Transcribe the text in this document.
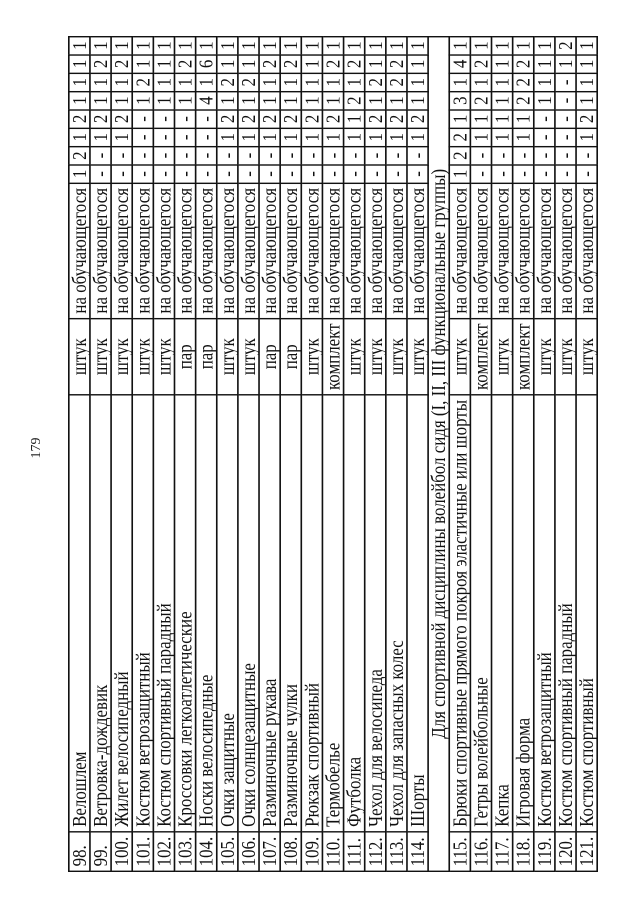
179
98.	Велошлем	штук	на обучающегося	1	2	1	2	1	1	1	1
99.	Ветровка-дождевик	штук	на обучающегося	-	-	1	2	1	1	2	1
100.	Жилет велосипедный	штук	на обучающегося	-	-	1	2	1	1	2	1
101.	Костюм ветрозащитный	штук	на обучающегося	-	-	-	-	1	2	1	1
102.	Костюм спортивный парадный	штук	на обучающегося	-	-	-	-	1	1	1	1
103.	Кроссовки легкоатлетические	пар	на обучающегося	-	-	-	-	1	1	2	1
104.	Носки велосипедные	пар	на обучающегося	-	-	-	-	4	1	6	1
105.	Очки защитные	штук	на обучающегося	-	-	1	2	1	2	1	1
106.	Очки солнцезащитные	штук	на обучающегося	-	-	1	2	1	2	1	1
107.	Разминочные рукава	пар	на обучающегося	-	-	1	2	1	1	2	1
108.	Разминочные чулки	пар	на обучающегося	-	-	1	2	1	1	2	1
109.	Рюкзак спортивный	штук	на обучающегося	-	-	1	2	1	1	1	1
110.	Термобелье	комплект	на обучающегося	-	-	1	2	1	1	2	1
111.	Футболка	штук	на обучающегося	-	-	1	1	2	1	2	1
112.	Чехол для велосипеда	штук	на обучающегося	-	-	1	2	1	2	1	1
113.	Чехол для запасных колес	штук	на обучающегося	-	-	1	2	1	2	2	1
114.	Шорты	штук	на обучающегося	-	-	1	2	1	1	1	1
Для спортивной дисциплины волейбол сидя (I, II, III функциональные группы)											
115.	Брюки спортивные прямого покроя эластичные или шорты	штук	на обучающегося	1	2	2	1	3	1	4	1
116.	Гетры волейбольные	комплект	на обучающегося	-	-	1	1	2	1	2	1
117.	Кепка	штук	на обучающегося	-	-	1	1	1	1	1	1
118.	Игровая форма	комплект	на обучающегося	-	-	1	1	2	2	2	1
119.	Костюм ветрозащитный	штук	на обучающегося	-	-	-	-	1	1	1	1
120.	Костюм спортивный парадный	штук	на обучающегося	-	-	-	-	-	-	1	2
121.	Костюм спортивный	штук	на обучающегося	-	-	1	2	1	1	1	1
